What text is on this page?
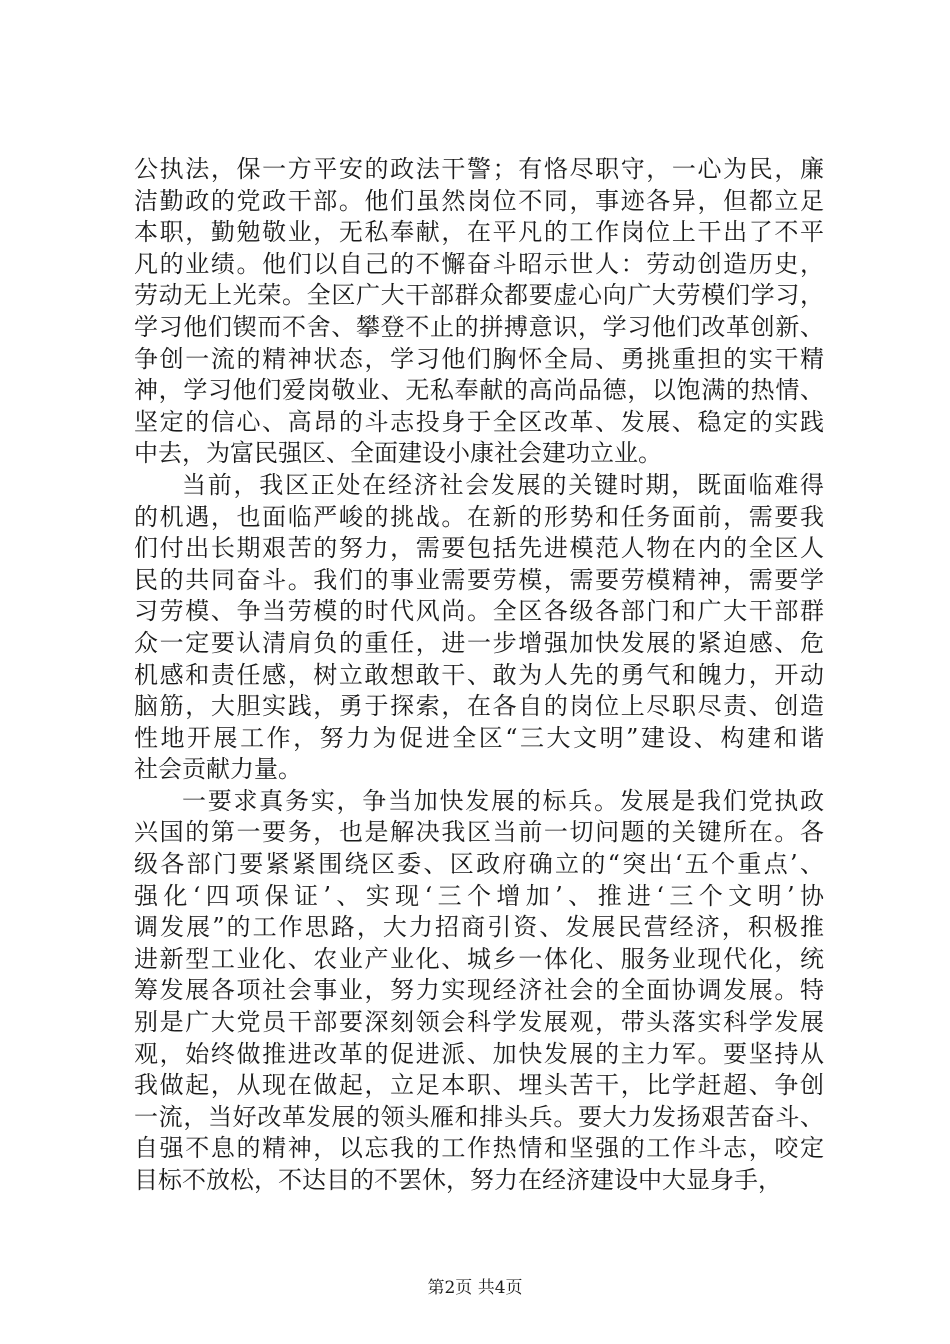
公执法，保一方平安的政法干警；有恪尽职守，一心为民，廉
洁勤政的党政干部。他们虽然岗位不同，事迹各异，但都立足
本职，勤勉敬业，无私奉献，在平凡的工作岗位上干出了不平
凡的业绩。他们以自己的不懈奋斗昭示世人：劳动创造历史，
劳动无上光荣。全区广大干部群众都要虚心向广大劳模们学习，
学习他们锲而不舍、攀登不止的拼搏意识，学习他们改革创新、
争创一流的精神状态，学习他们胸怀全局、勇挑重担的实干精
神，学习他们爱岗敬业、无私奉献的高尚品德，以饱满的热情、
坚定的信心、高昂的斗志投身于全区改革、发展、稳定的实践
中去，为富民强区、全面建设小康社会建功立业。
当前，我区正处在经济社会发展的关键时期，既面临难得
的机遇，也面临严峻的挑战。在新的形势和任务面前，需要我
们付出长期艰苦的努力，需要包括先进模范人物在内的全区人
民的共同奋斗。我们的事业需要劳模，需要劳模精神，需要学
习劳模、争当劳模的时代风尚。全区各级各部门和广大干部群
众一定要认清肩负的重任，进一步增强加快发展的紧迫感、危
机感和责任感，树立敢想敢干、敢为人先的勇气和魄力，开动
脑筋，大胆实践，勇于探索，在各自的岗位上尽职尽责、创造
性地开展工作，努力为促进全区“三大文明”建设、构建和谐
社会贡献力量。
一要求真务实，争当加快发展的标兵。发展是我们党执政
兴国的第一要务，也是解决我区当前一切问题的关键所在。各
级各部门要紧紧围绕区委、区政府确立的“突出‘五个重点’、
强化‘四项保证’、实现‘三个增加’、推进‘三个文明’协
调发展”的工作思路，大力招商引资、发展民营经济，积极推
进新型工业化、农业产业化、城乡一体化、服务业现代化，统
筹发展各项社会事业，努力实现经济社会的全面协调发展。特
别是广大党员干部要深刻领会科学发展观，带头落实科学发展
观，始终做推进改革的促进派、加快发展的主力军。要坚持从
我做起，从现在做起，立足本职、埋头苦干，比学赶超、争创
一流，当好改革发展的领头雁和排头兵。要大力发扬艰苦奋斗、
自强不息的精神，以忘我的工作热情和坚强的工作斗志，咬定
目标不放松，不达目的不罢休，努力在经济建设中大显身手，
第2页 共4页
